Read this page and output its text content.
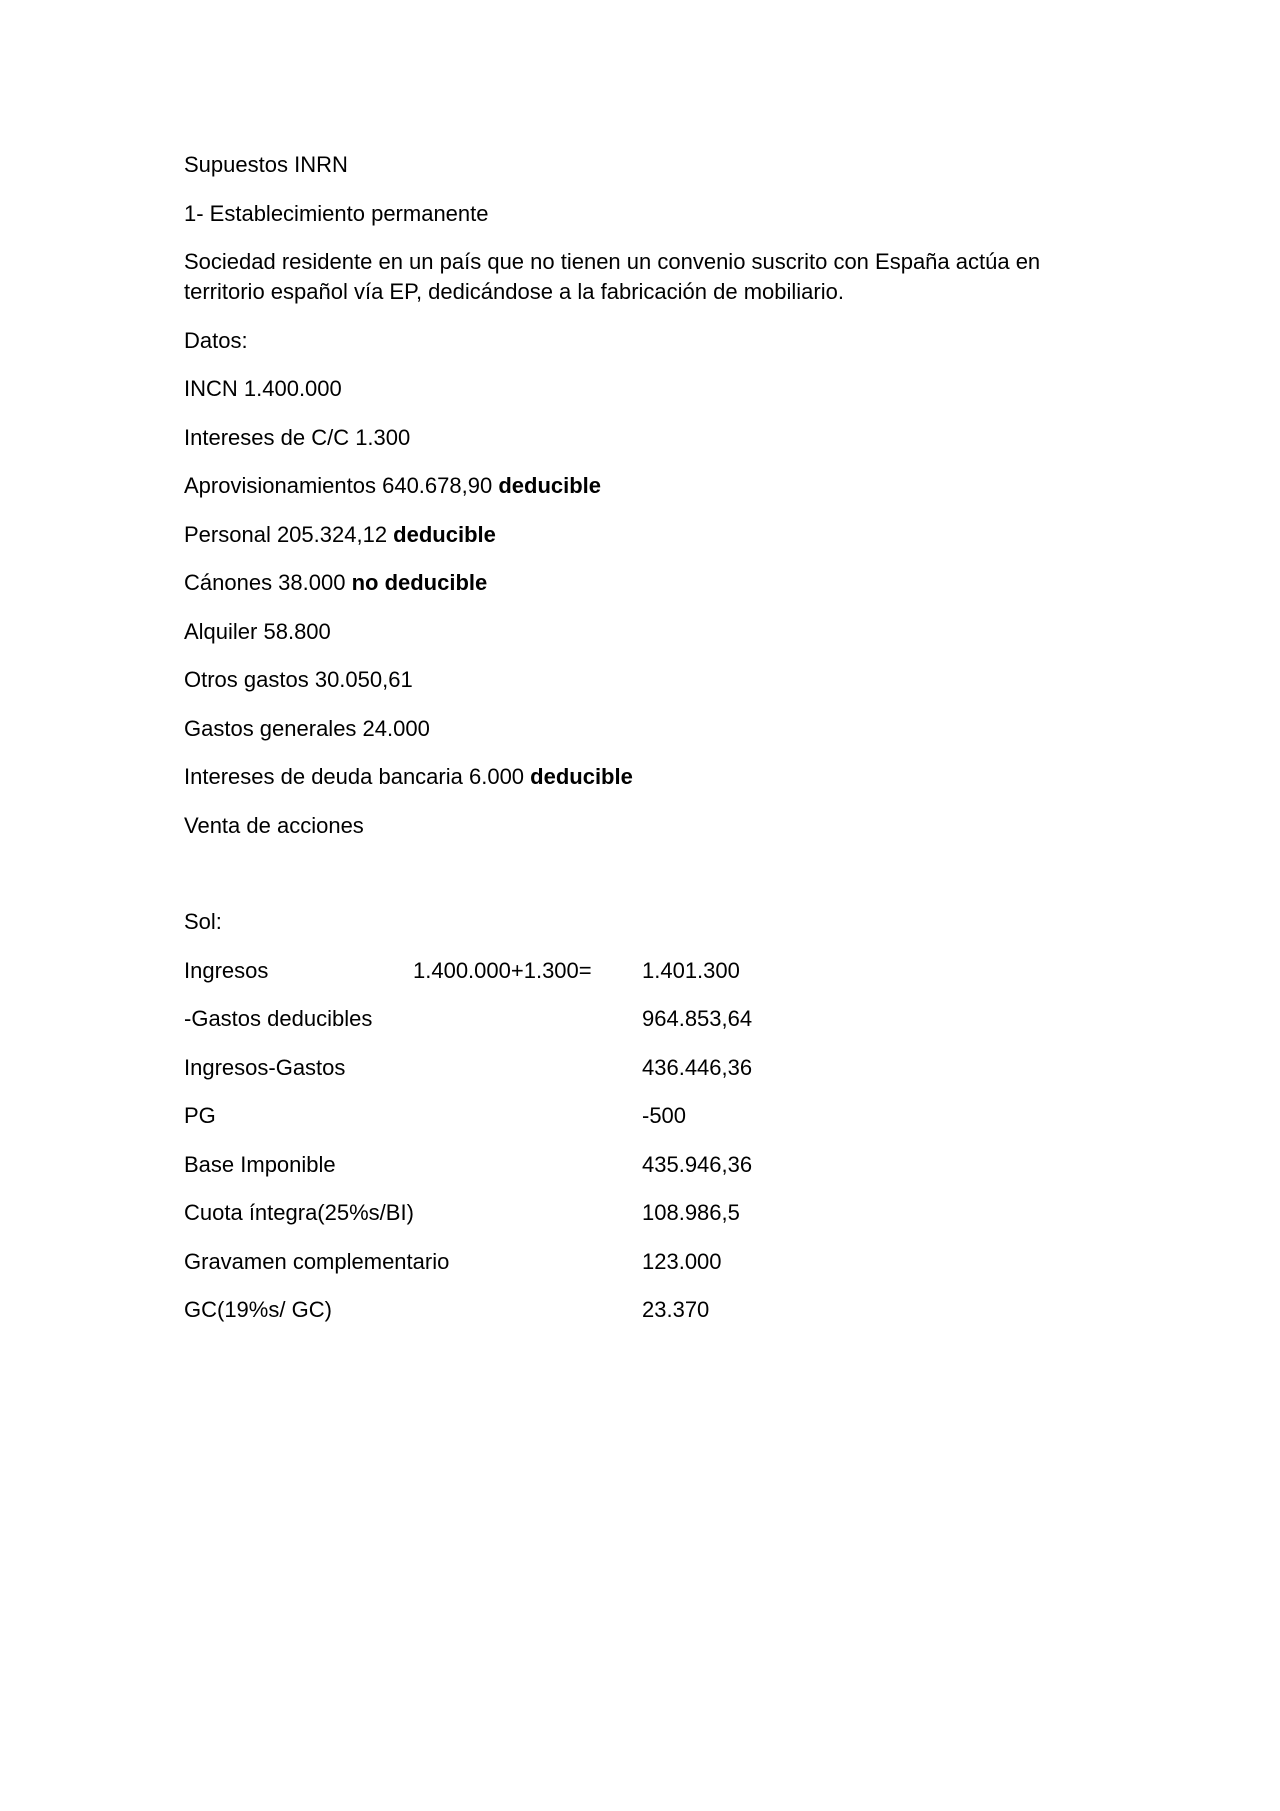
Supuestos INRN

1- Establecimiento permanente

Sociedad residente en un país que no tienen un convenio suscrito con España actúa en territorio español vía EP, dedicándose a la fabricación de mobiliario.

Datos:

INCN 1.400.000

Intereses de C/C 1.300

Aprovisionamientos 640.678,90 deducible

Personal 205.324,12 deducible

Cánones 38.000 no deducible

Alquiler 58.800

Otros gastos 30.050,61

Gastos generales 24.000

Intereses de deuda bancaria 6.000 deducible

Venta de acciones

Sol:

Ingresos	1.400.000+1.300= 1.401.300
-Gastos deducibles	964.853,64
Ingresos-Gastos	436.446,36
PG	-500
Base Imponible	435.946,36
Cuota íntegra(25%s/BI)	108.986,5
Gravamen complementario	123.000
GC(19%s/ GC)	23.370
